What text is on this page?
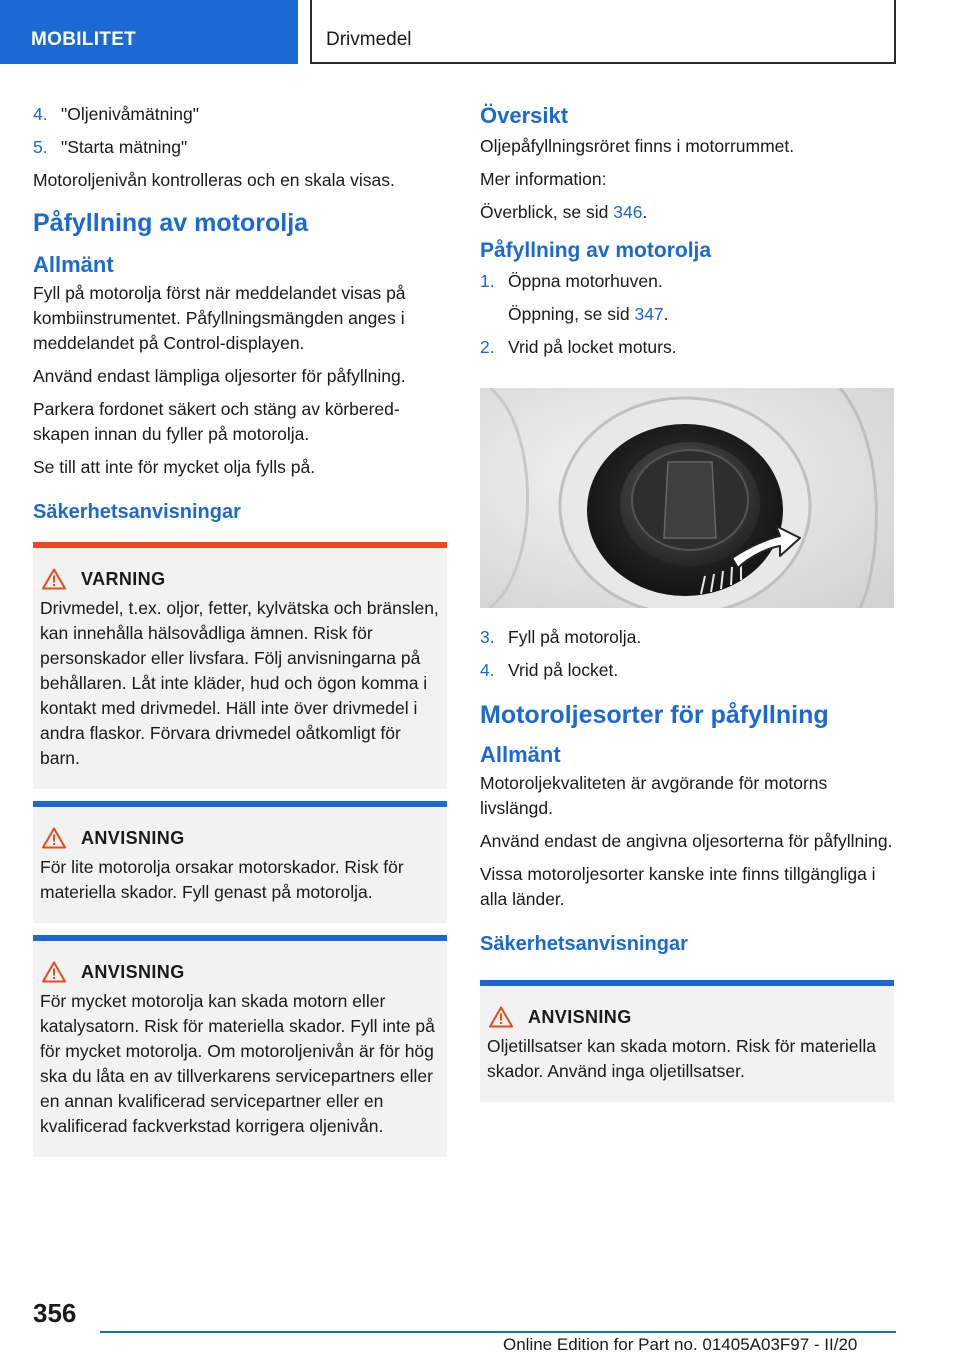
MOBILITET	Drivmedel
4. "Oljenivåmätning"
5. "Starta mätning"

Motoroljenivån kontrolleras och en skala visas.

Påfyllning av motorolja
Allmänt

Fyll på motorolja först när meddelandet visas på kombiinstrumentet. Påfyllningsmängden anges i meddelandet på Control-displayen.

Använd endast lämpliga oljesorter för påfyllning.

Parkera fordonet säkert och stäng av körberedskapen innan du fyller på motorolja.

Se till att inte för mycket olja fylls på.

Säkerhetsanvisningar
VARNING

Drivmedel, t.ex. oljor, fetter, kylvätska och bränslen, kan innehålla hälsovådliga ämnen. Risk för personskador eller livsfara. Följ anvisningarna på behållaren. Låt inte kläder, hud och ögon komma i kontakt med drivmedel. Häll inte över drivmedel i andra flaskor. Förvara drivmedel oåtkomligt för barn.

ANVISNING

För lite motorolja orsakar motorskador. Risk för materiella skador. Fyll genast på motorolja.

ANVISNING

För mycket motorolja kan skada motorn eller katalysatorn. Risk för materiella skador. Fyll inte på för mycket motorolja. Om motoroljenivån är för hög ska du låta en av tillverkarens servicepartners eller en annan kvalificerad servicepartner eller en kvalificerad fackverkstad korrigera oljenivån.

Översikt

Oljepåfyllningsröret finns i motorrummet.

Mer information:

Överblick, se sid 346.

Påfyllning av motorolja
1. Öppna motorhuven.

Öppning, se sid 347.

2. Vrid på locket moturs.
3. Fyll på motorolja.
4. Vrid på locket.
Motoroljesorter för påfyllning
Allmänt

Motoroljekvaliteten är avgörande för motorns livslängd.

Använd endast de angivna oljesorterna för påfyllning.

Vissa motoroljesorter kanske inte finns tillgängliga i alla länder.

Säkerhetsanvisningar
ANVISNING

Oljetillsatser kan skada motorn. Risk för materiella skador. Använd inga oljetillsatser.

356
Online Edition for Part no. 01405A03F97 - II/20
